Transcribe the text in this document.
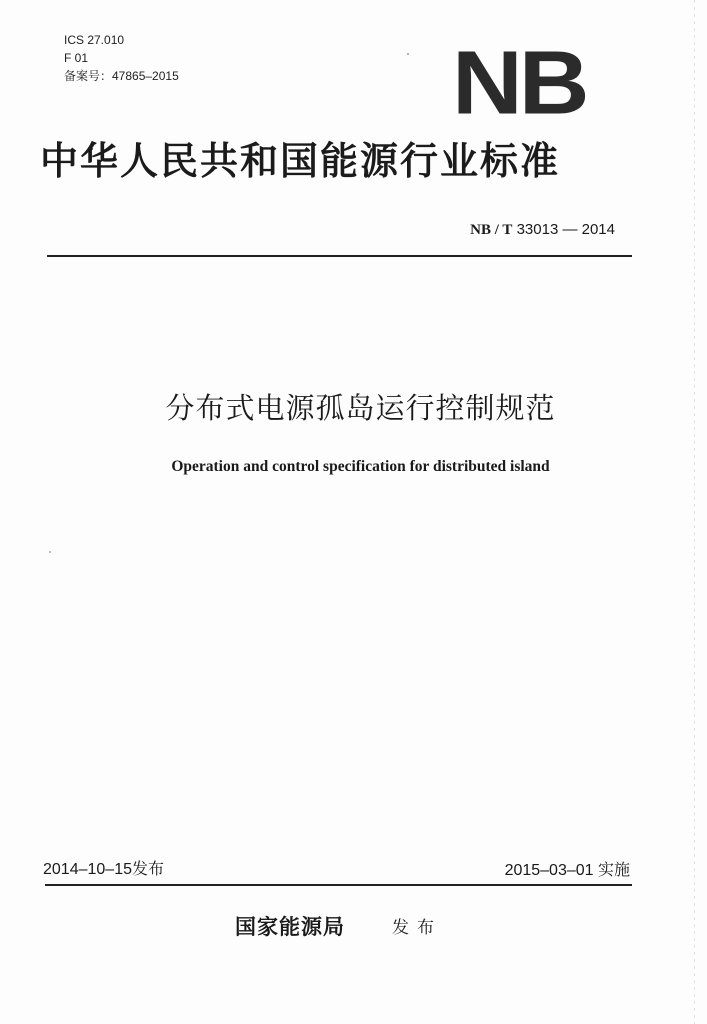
ICS 27.010
F 01
备案号：47865–2015	NB
中华人民共和国能源行业标准
NB / T 33013 — 2014
分布式电源孤岛运行控制规范
Operation and control specification for distributed island
2014–10–15发布	2015–03–01 实施
国家能源局	发布
